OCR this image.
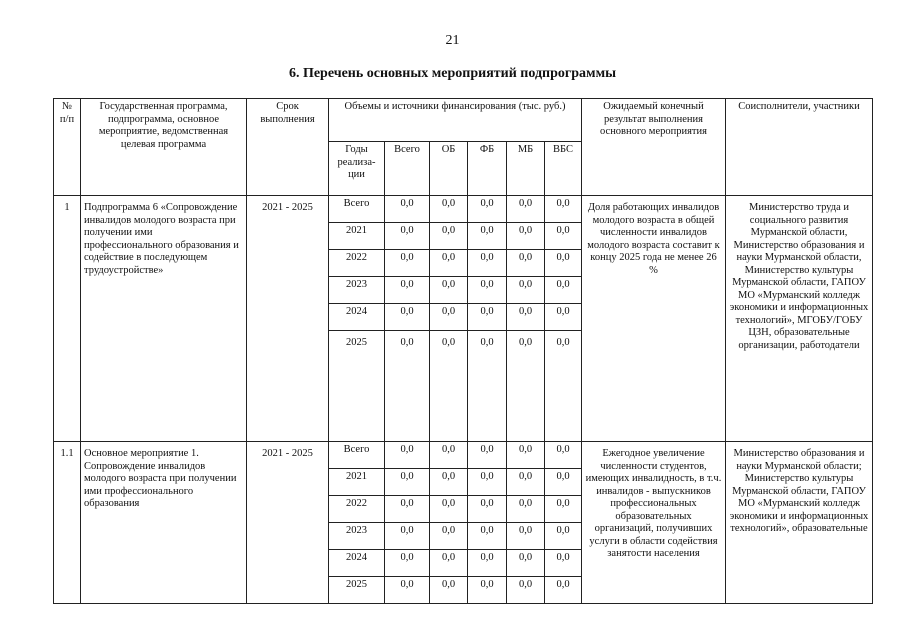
21
6. Перечень основных мероприятий подпрограммы
№ п/п	Государственная программа, подпрограмма, основное мероприятие, ведомственная целевая программа	Срок выполнения	Объемы и источники финансирования (тыс. руб.)						Ожидаемый конечный результат выполнения основного мероприятия	Соисполнители, участники
			Годы реализа-ции	Всего	ОБ	ФБ	МБ	ВБС		
1	Подпрограмма 6 «Сопровождение инвалидов молодого возраста при получении ими профессионального образования и содействие в последующем трудоустройстве»	2021 - 2025	Всего	0,0	0,0	0,0	0,0	0,0	Доля работающих инвалидов молодого возраста в общей численности инвалидов молодого возраста составит к концу 2025 года не менее 26 %	Министерство труда и социального развития Мурманской области, Министерство образования и науки Мурманской области, Министерство культуры Мурманской области, ГАПОУ МО «Мурманский колледж экономики и информационных технологий», МГОБУ/ГОБУ ЦЗН, образовательные организации, работодатели
			2021	0,0	0,0	0,0	0,0	0,0		
			2022	0,0	0,0	0,0	0,0	0,0		
			2023	0,0	0,0	0,0	0,0	0,0		
			2024	0,0	0,0	0,0	0,0	0,0		
			2025	0,0	0,0	0,0	0,0	0,0		
1.1	Основное мероприятие 1. Сопровождение инвалидов молодого возраста при получении ими профессионального образования	2021 - 2025	Всего	0,0	0,0	0,0	0,0	0,0	Ежегодное увеличение численности студентов, имеющих инвалидность, в т.ч. инвалидов - выпускников профессиональных образовательных организаций, получивших услуги в области содействия занятости населения	Министерство образования и науки Мурманской области; Министерство культуры Мурманской области, ГАПОУ МО «Мурманский колледж экономики и информационных технологий», образовательные
			2021	0,0	0,0	0,0	0,0	0,0		
			2022	0,0	0,0	0,0	0,0	0,0		
			2023	0,0	0,0	0,0	0,0	0,0		
			2024	0,0	0,0	0,0	0,0	0,0		
			2025	0,0	0,0	0,0	0,0	0,0		
